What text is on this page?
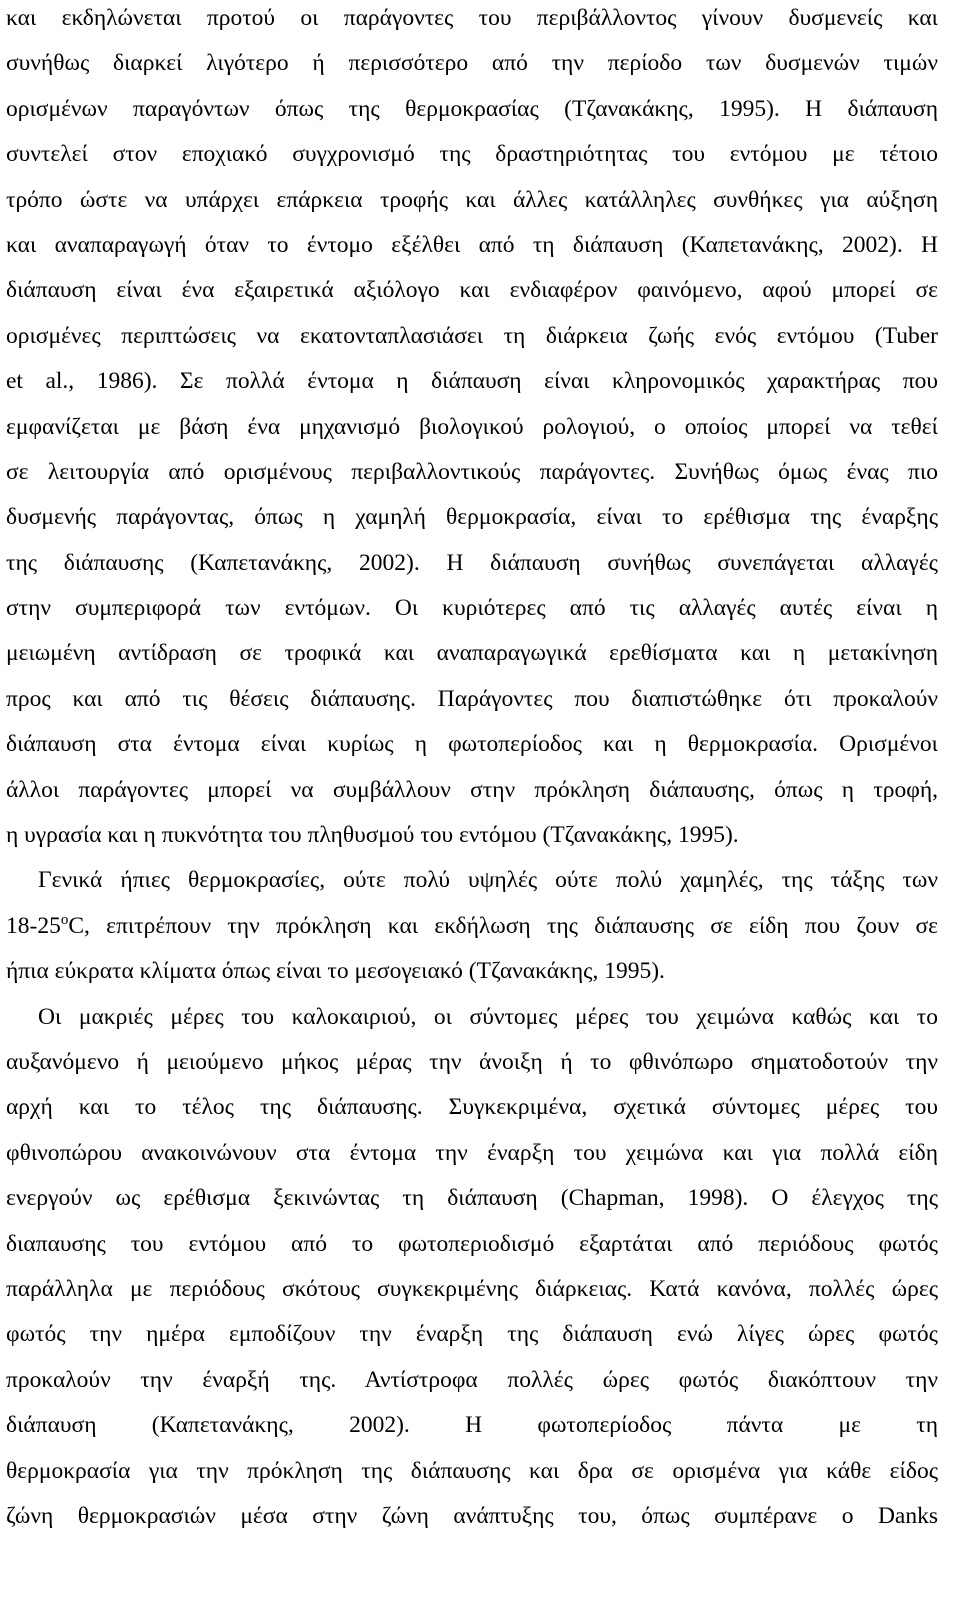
και εκδηλώνεται προτού οι παράγοντες του περιβάλλοντος γίνουν δυσμενείς και
συνήθως διαρκεί λιγότερο ή περισσότερο από την περίοδο των δυσμενών τιμών
ορισμένων παραγόντων όπως της θερμοκρασίας (Τζανακάκης, 1995). Η διάπαυση
συντελεί στον εποχιακό συγχρονισμό της δραστηριότητας του εντόμου με τέτοιο
τρόπο ώστε να υπάρχει επάρκεια τροφής και άλλες κατάλληλες συνθήκες για αύξηση
και αναπαραγωγή όταν το έντομο εξέλθει από τη διάπαυση (Καπετανάκης, 2002). Η
διάπαυση είναι ένα εξαιρετικά αξιόλογο και ενδιαφέρον φαινόμενο, αφού μπορεί σε
ορισμένες περιπτώσεις να εκατονταπλασιάσει τη διάρκεια ζωής ενός εντόμου (Tuber
et al., 1986). Σε πολλά έντομα η διάπαυση είναι κληρονομικός χαρακτήρας που
εμφανίζεται με βάση ένα μηχανισμό βιολογικού ρολογιού, ο οποίος μπορεί να τεθεί
σε λειτουργία από ορισμένους περιβαλλοντικούς παράγοντες. Συνήθως όμως ένας πιο
δυσμενής παράγοντας, όπως η χαμηλή θερμοκρασία, είναι το ερέθισμα της έναρξης
της διάπαυσης (Καπετανάκης, 2002). Η διάπαυση συνήθως συνεπάγεται αλλαγές
στην συμπεριφορά των εντόμων. Οι κυριότερες από τις αλλαγές αυτές είναι η
μειωμένη αντίδραση σε τροφικά και αναπαραγωγικά ερεθίσματα και η μετακίνηση
προς και από τις θέσεις διάπαυσης. Παράγοντες που διαπιστώθηκε ότι προκαλούν
διάπαυση στα έντομα είναι κυρίως η φωτοπερίοδος και η θερμοκρασία. Ορισμένοι
άλλοι παράγοντες μπορεί να συμβάλλουν στην πρόκληση διάπαυσης, όπως η τροφή,
η υγρασία και η πυκνότητα του πληθυσμού του εντόμου (Τζανακάκης, 1995).
Γενικά ήπιες θερμοκρασίες, ούτε πολύ υψηλές ούτε πολύ χαμηλές, της τάξης των
18-25$^o$C, επιτρέπουν την πρόκληση και εκδήλωση της διάπαυσης σε είδη που ζουν σε
ήπια εύκρατα κλίματα όπως είναι το μεσογειακό (Τζανακάκης, 1995).
Οι μακριές μέρες του καλοκαιριού, οι σύντομες μέρες του χειμώνα καθώς και το
αυξανόμενο ή μειούμενο μήκος μέρας την άνοιξη ή το φθινόπωρο σηματοδοτούν την
αρχή και το τέλος της διάπαυσης. Συγκεκριμένα, σχετικά σύντομες μέρες του
φθινοπώρου ανακοινώνουν στα έντομα την έναρξη του χειμώνα και για πολλά είδη
ενεργούν ως ερέθισμα ξεκινώντας τη διάπαυση (Chapman, 1998). Ο έλεγχος της
διαπαυσης του εντόμου από το φωτοπεριοδισμό εξαρτάται από περιόδους φωτός
παράλληλα με περιόδους σκότους συγκεκριμένης διάρκειας. Κατά κανόνα, πολλές ώρες
φωτός την ημέρα εμποδίζουν την έναρξη της διάπαυση ενώ λίγες ώρες φωτός
προκαλούν την έναρξή της. Αντίστροφα πολλές ώρες φωτός διακόπτουν την
διάπαυση (Καπετανάκης, 2002). Η φωτοπερίοδος πάντα με τη
θερμοκρασία για την πρόκληση της διάπαυσης και δρα σε ορισμένα για κάθε είδος
ζώνη θερμοκρασιών μέσα στην ζώνη ανάπτυξης του, όπως συμπέρανε ο Danks
